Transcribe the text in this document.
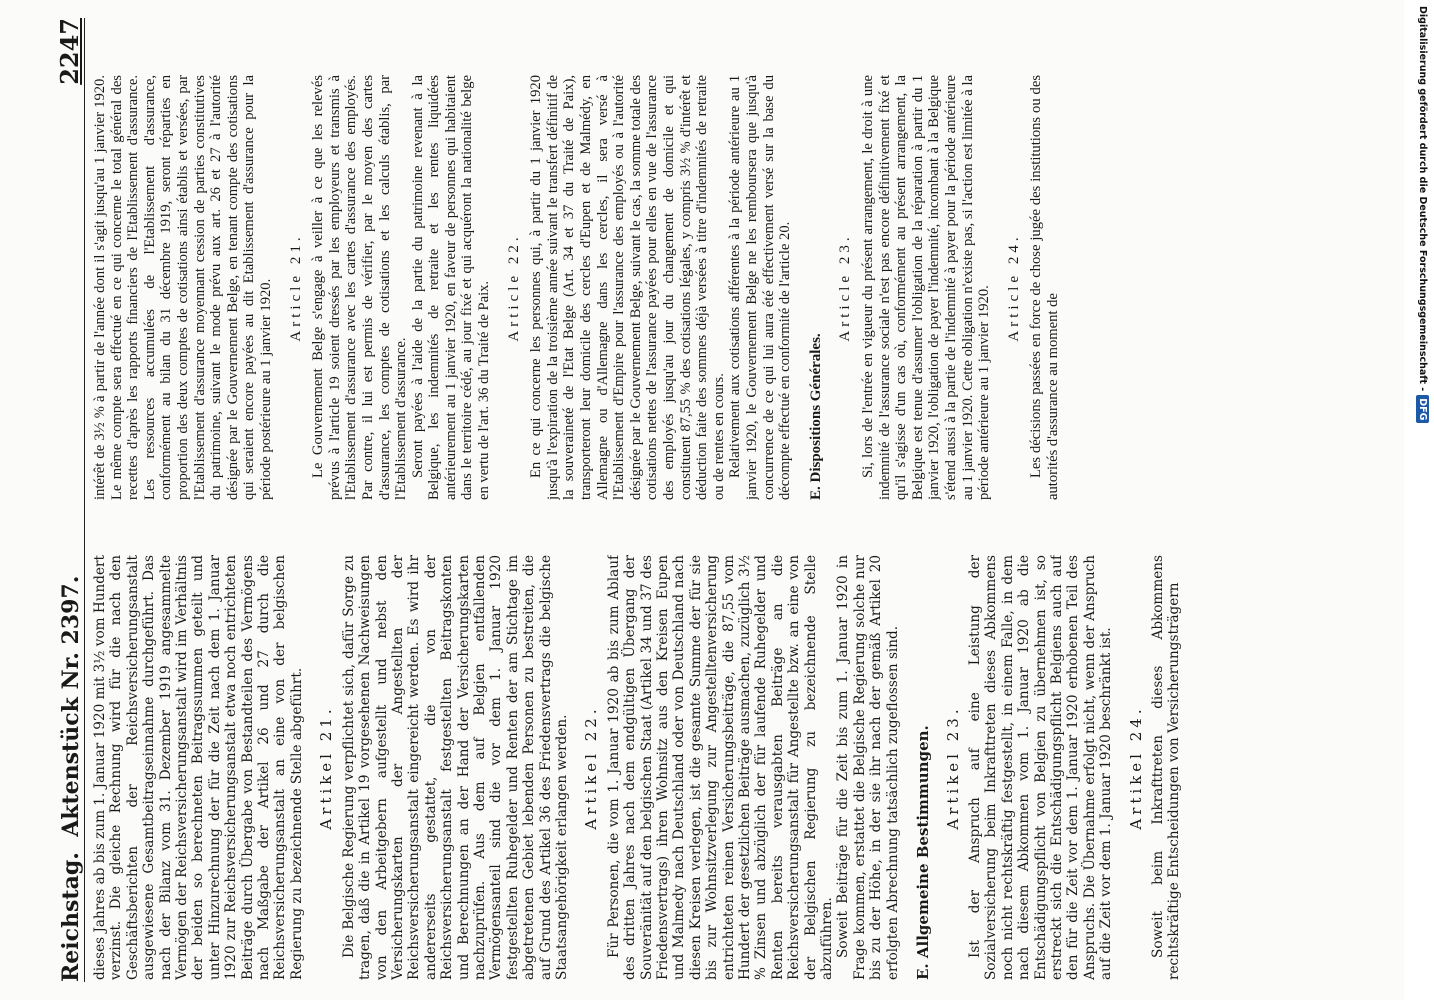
Reichstag.  Aktenstück Nr. 2397.
2247

dieses Jahres ab bis zum 1. Januar 1920 mit 3½ vom Hundert verzinst. Die gleiche Rechnung wird für die nach den Geschäftsberichten der Reichsversicherungsanstalt ausgewiesene Gesamtbeitragseinnahme durchgeführt. Das nach der Bilanz vom 31. Dezember 1919 angesammelte Vermögen der Reichsversicherungsanstalt wird im Verhältnis der beiden so berechneten Beitragssummen geteilt und unter Hinzurechnung der für die Zeit nach dem 1. Januar 1920 zur Reichsversicherungsanstalt etwa noch entrichteten Beiträge durch Übergabe von Bestandteilen des Vermögens nach Maßgabe der Artikel 26 und 27 durch die Reichsversicherungsanstalt an eine von der belgischen Regierung zu bezeichnende Stelle abgeführt. Artikel 21. Die Belgische Regierung verpflichtet sich, dafür Sorge zu tragen, daß die in Artikel 19 vorgesehenen Nachweisungen von den Arbeitgebern aufgestellt und nebst den Versicherungskarten der Angestellten der Reichsversicherungsanstalt eingereicht werden. Es wird ihr andererseits gestattet, die von der Reichsversicherungsanstalt festgestellten Beitragskonten und Berechnungen an der Hand der Versicherungskarten nachzuprüfen. Aus dem auf Belgien entfallenden Vermögensanteil sind die vor dem 1. Januar 1920 festgestellten Ruhegelder und Renten der am Stichtage im abgetretenen Gebiet lebenden Personen zu bestreiten, die auf Grund des Artikel 36 des Friedensvertrags die belgische Staatsangehörigkeit erlangen werden. Artikel 22. Für Personen, die vom 1. Januar 1920 ab bis zum Ablauf des dritten Jahres nach dem endgültigen Übergang der Souveränität auf den belgischen Staat (Artikel 34 und 37 des Friedensvertrags) ihren Wohnsitz aus den Kreisen Eupen und Malmedy nach Deutschland oder von Deutschland nach diesen Kreisen verlegen, ist die gesamte Summe der für sie bis zur Wohnsitzverlegung zur Angestelltenversicherung entrichteten reinen Versicherungsbeiträge, die 87,55 vom Hundert der gesetzlichen Beiträge ausmachen, zuzüglich 3½ % Zinsen und abzüglich der für laufende Ruhegelder und Renten bereits verausgabten Beiträge an die Reichsversicherungsanstalt für Angestellte bzw. an eine von der Belgischen Regierung zu bezeichnende Stelle abzuführen. Soweit Beiträge für die Zeit bis zum 1. Januar 1920 in Frage kommen, erstattet die Belgische Regierung solche nur bis zu der Höhe, in der sie ihr nach der gemäß Artikel 20 erfolgten Abrechnung tatsächlich zugeflossen sind. E. Allgemeine Bestimmungen. Artikel 23. Ist der Anspruch auf eine Leistung der Sozialversicherung beim Inkrafttreten dieses Abkommens noch nicht rechtskräftig festgestellt, in einem Falle, in dem nach diesem Abkommen vom 1. Januar 1920 ab die Entschädigungspflicht von Belgien zu übernehmen ist, so erstreckt sich die Entschädigungspflicht Belgiens auch auf den für die Zeit vor dem 1. Januar 1920 erhobenen Teil des Anspruchs. Die Übernahme erfolgt nicht, wenn der Anspruch auf die Zeit vor dem 1. Januar 1920 beschränkt ist. Artikel 24. Soweit beim Inkrafttreten dieses Abkommens rechtskräftige Entscheidungen von Versicherungsträgern

intérêt de 3½ % à partir de l'année dont il s'agit jusqu'au 1 janvier 1920. Le même compte sera effectué en ce qui concerne le total général des recettes d'après les rapports financiers de l'Etablissement d'assurance. Les ressources accumulées de l'Etablissement d'assurance, conformément au bilan du 31 décembre 1919, seront réparties en proportion des deux comptes de cotisations ainsi établis et versées, par l'Etablissement d'assurance moyennant cession de parties constitutives du patrimoine, suivant le mode prévu aux art. 26 et 27 à l'autorité désignée par le Gouvernement Belge, en tenant compte des cotisations qui seraient encore payées au dit Etablissement d'assurance pour la période postérieure au 1 janvier 1920. Article 21. Le Gouvernement Belge s'engage à veiller à ce que les relevés prévus à l'article 19 soient dressés par les employeurs et transmis à l'Etablissement d'assurance avec les cartes d'assurance des employés. Par contre, il lui est permis de vérifier, par le moyen des cartes d'assurance, les comptes de cotisations et les calculs établis, par l'Etablissement d'assurance. Seront payées à l'aide de la partie du patrimoine revenant à la Belgique, les indemnités de retraite et les rentes liquidées antérieurement au 1 janvier 1920, en faveur de personnes qui habitaient dans le territoire cédé, au jour fixé et qui acquéront la nationalité belge en vertu de l'art. 36 du Traité de Paix. Article 22. En ce qui concerne les personnes qui, à partir du 1 janvier 1920 jusqu'à l'expiration de la troisième année suivant le transfert définitif de la souveraineté de l'Etat Belge (Art. 34 et 37 du Traité de Paix), transporteront leur domicile des cercles d'Eupen et de Malmédy, en Allemagne ou d'Allemagne dans les cercles, il sera versé à l'Etablissement d'Empire pour l'assurance des employés ou à l'autorité désignée par le Gouvernement Belge, suivant le cas, la somme totale des cotisations nettes de l'assurance payées pour elles en vue de l'assurance des employés jusqu'au jour du changement de domicile et qui constituent 87,55 % des cotisations légales, y compris 3½ % d'intérêt et déduction faite des sommes déjà versées à titre d'indemnités de retraite ou de rentes en cours. Relativement aux cotisations afférentes à la période antérieure au 1 janvier 1920, le Gouvernement Belge ne les remboursera que jusqu'à concurrence de ce qui lui aura été effectivement versé sur la base du décompte effectué en conformité de l'article 20. E. Dispositions Générales.
Article 23. Si, lors de l'entrée en vigueur du présent arrangement, le droit à une indemnité de l'assurance sociale n'est pas encore définitivement fixé et qu'il s'agisse d'un cas où, conformément au présent arrangement, la Belgique est tenue d'assumer l'obligation de la réparation à partir du 1 janvier 1920, l'obligation de payer l'indemnité, incombant à la Belgique s'étend aussi à la partie de l'indemnité à payer pour la période antérieure au 1 janvier 1920. Cette obligation n'existe pas, si l'action est limitée à la période antérieure au 1 janvier 1920. Article 24. Les décisions passées en force de chose jugée des institutions ou des autorités d'assurance au moment de

Digitalisierung gefördert durch die Deutsche Forschungsgemeinschaft -DFG
